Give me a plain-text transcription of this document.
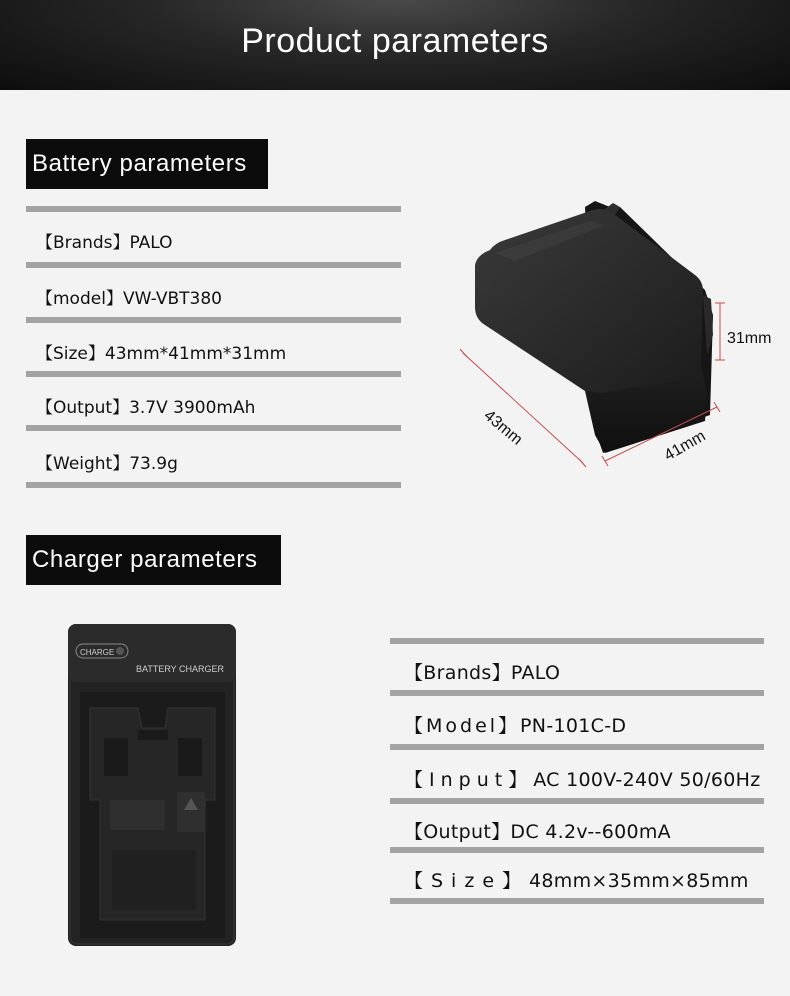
Product parameters
Battery parameters
【Brands】PALO
【model】VW-VBT380
【Size】43mm*41mm*31mm
【Output】3.7V 3900mAh
【Weight】73.9g
43mm	41mm
31mm
Charger parameters
CHARGE
BATTERY CHARGER	【Brands】PALO
【Model】PN-101C-D
【Input】AC 100V-240V 50/60Hz
【Output】DC 4.2v--600mA
【Size】48mm×35mm×85mm
